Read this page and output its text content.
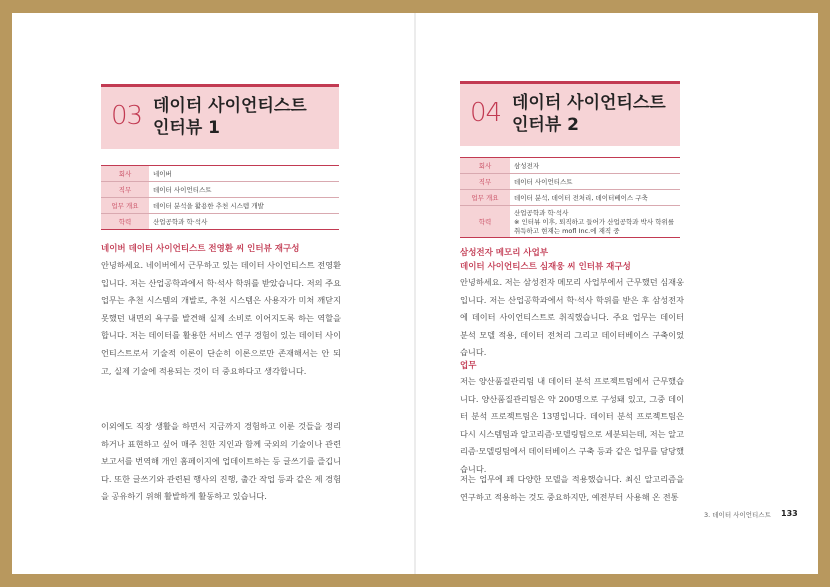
03 데이터 사이언티스트
인터뷰 1
회사	네이버
직무	데이터 사이언티스트
업무 개요	데이터 분석을 활용한 추천 시스템 개발
학력	산업공학과 학·석사
네이버 데이터 사이언티스트 전영환 씨 인터뷰 재구성

안녕하세요. 네이버에서 근무하고 있는 데이터 사이언티스트 전영환입니다. 저는 산업공학과에서 학·석사 학위를 받았습니다. 저의 주요 업무는 추천 시스템의 개발로, 추천 시스템은 사용자가 미처 깨닫지 못했던 내면의 욕구를 발견해 실제 소비로 이어지도록 하는 역할을 합니다. 저는 데이터를 활용한 서비스 연구 경험이 있는 데이터 사이언티스트로서 기술적 이론이 단순히 이론으로만 존재해서는 안 되고, 실제 기술에 적용되는 것이 더 중요하다고 생각합니다.

이외에도 직장 생활을 하면서 지금까지 경험하고 이룬 것들을 정리하거나 표현하고 싶어 매주 친한 지인과 함께 국외의 기술이나 관련 보고서를 번역해 개인 홈페이지에 업데이트하는 등 글쓰기를 즐깁니다. 또한 글쓰기와 관련된 행사의 진행, 출간 작업 등과 같은 제 경험을 공유하기 위해 활발하게 활동하고 있습니다.

04 데이터 사이언티스트
인터뷰 2
회사	삼성전자
직무	데이터 사이언티스트
업무 개요	데이터 분석, 데이터 전처리, 데이터베이스 구축
학력	산업공학과 학·석사
※ 인터뷰 이후, 퇴직하고 들어가 산업공학과 박사 학위를 취득하고 현재는 mofl Inc.에 재직 중
삼성전자 메모리 사업부
데이터 사이언티스트 심재웅 씨 인터뷰 재구성

안녕하세요. 저는 삼성전자 메모리 사업부에서 근무했던 심재웅입니다. 저는 산업공학과에서 학·석사 학위를 받은 후 삼성전자에 데이터 사이언티스트로 취직했습니다. 주요 업무는 데이터 분석 모델 적용, 데이터 전처리 그리고 데이터베이스 구축이었습니다.

업무

저는 양산품질관리팀 내 데이터 분석 프로젝트팀에서 근무했습니다. 양산품질관리팀은 약 200명으로 구성돼 있고, 그중 데이터 분석 프로젝트팀은 13명입니다. 데이터 분석 프로젝트팀은 다시 시스템팀과 알고리즘·모델링팀으로 세분되는데, 저는 알고리즘·모델링팀에서 데이터베이스 구축 등과 같은 업무를 담당했습니다.

저는 업무에 꽤 다양한 모델을 적용했습니다. 최신 알고리즘을 연구하고 적용하는 것도 중요하지만, 예전부터 사용해 온 전통

3. 데이터 사이언티스트 133
